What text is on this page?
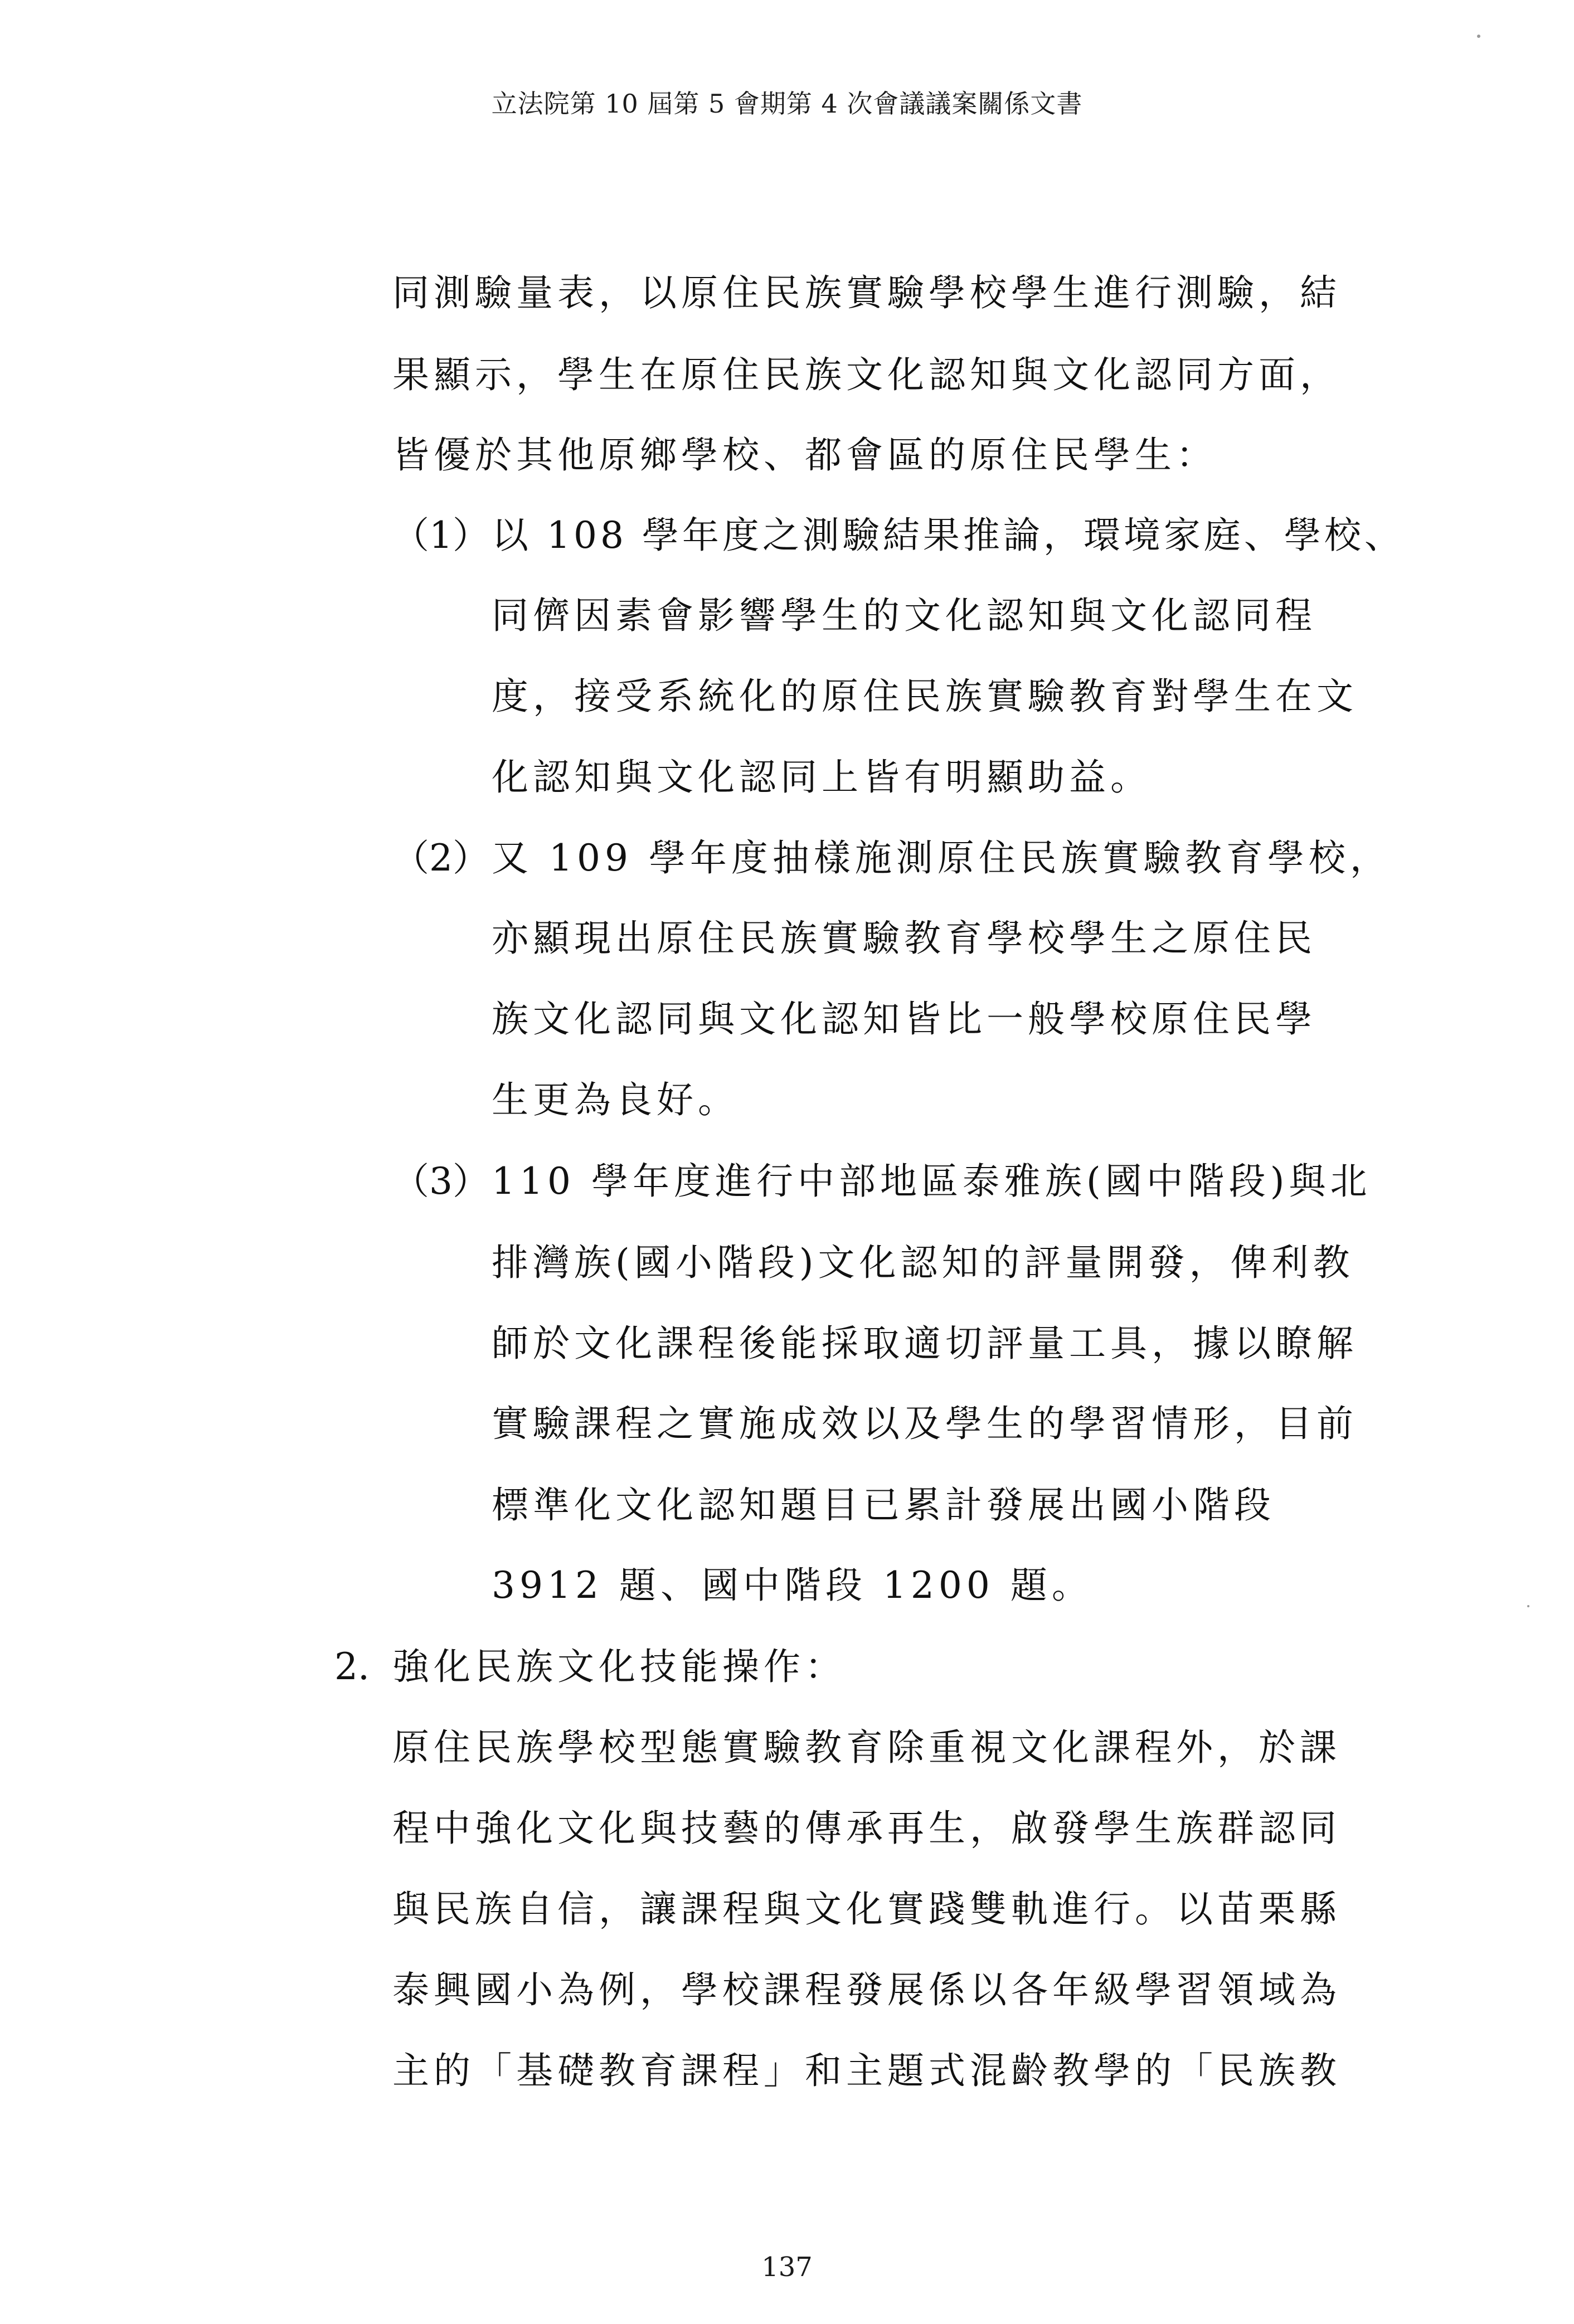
立法院第 10 屆第 5 會期第 4 次會議議案關係文書
同測驗量表，以原住民族實驗學校學生進行測驗，結
果顯示，學生在原住民族文化認知與文化認同方面，
皆優於其他原鄉學校、都會區的原住民學生：
（1） 以 108 學年度之測驗結果推論，環境家庭、學校、
同儕因素會影響學生的文化認知與文化認同程
度，接受系統化的原住民族實驗教育對學生在文
化認知與文化認同上皆有明顯助益。
（2） 又 109 學年度抽樣施測原住民族實驗教育學校，
亦顯現出原住民族實驗教育學校學生之原住民
族文化認同與文化認知皆比一般學校原住民學
生更為良好。
（3） 110 學年度進行中部地區泰雅族(國中階段)與北
排灣族(國小階段)文化認知的評量開發，俾利教
師於文化課程後能採取適切評量工具，據以瞭解
實驗課程之實施成效以及學生的學習情形，目前
標準化文化認知題目已累計發展出國小階段
3912 題、國中階段 1200 題。
2. 強化民族文化技能操作：
原住民族學校型態實驗教育除重視文化課程外，於課
程中強化文化與技藝的傳承再生，啟發學生族群認同
與民族自信，讓課程與文化實踐雙軌進行。以苗栗縣
泰興國小為例，學校課程發展係以各年級學習領域為
主的「基礎教育課程」和主題式混齡教學的「民族教
137
